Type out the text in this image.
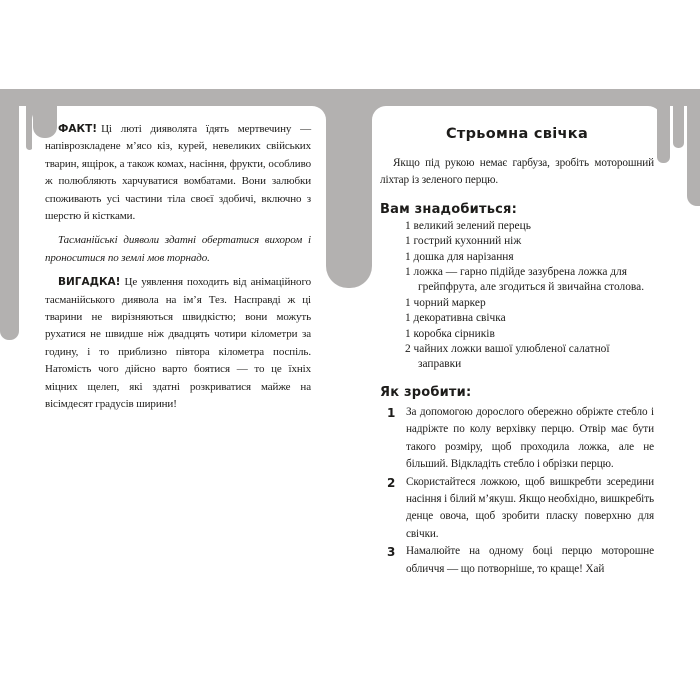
ФАКТ! Ці люті дияволята їдять мертвечину — напіврозкладене м’ясо кіз, курей, невеликих свійських тварин, ящірок, а також комах, насіння, фрукти, особливо ж полюбляють харчуватися вомбатами. Вони залюбки споживають усі частини тіла своєї здобичі, включно з шерстю й кістками.

Тасманійські дияволи здатні обертатися вихором і проноситися по землі мов торнадо.

ВИГАДКА! Це уявлення походить від анімаційного тасманійського диявола на ім’я Тез. Насправді ж ці тварини не вирізняються швидкістю; вони можуть рухатися не швидше ніж двадцять чотири кілометри за годину, і то приблизно півтора кілометра поспіль. Натомість чого дійсно варто боятися — то це їхніх міцних щелеп, які здатні розкриватися майже на вісімдесят градусів ширини!

Стрьомна свічка

Якщо під рукою немає гарбуза, зробіть моторошний ліхтар із зеленого перцю.

Вам знадобиться:
1 великий зелений перець
1 гострий кухонний ніж
1 дошка для нарізання
1 ложка — гарно підійде зазубрена ложка для грейпфрута, але згодиться й звичайна столова.
1 чорний маркер
1 декоративна свічка
1 коробка сірників
2 чайних ложки вашої улюбленої салатної заправки
Як зробити:
1 За допомогою дорослого обережно обріжте стебло і надріжте по колу верхівку перцю. Отвір має бути такого розміру, щоб проходила ложка, але не більший. Відкладіть стебло і обрізки перцю.
2 Скористайтеся ложкою, щоб вишкребти зсередини насіння і білий м’якуш. Якщо необхідно, вишкребіть денце овоча, щоб зробити пласку поверхню для свічки.
3 Намалюйте на одному боці перцю моторошне обличчя — що потворніше, то краще! Хай
